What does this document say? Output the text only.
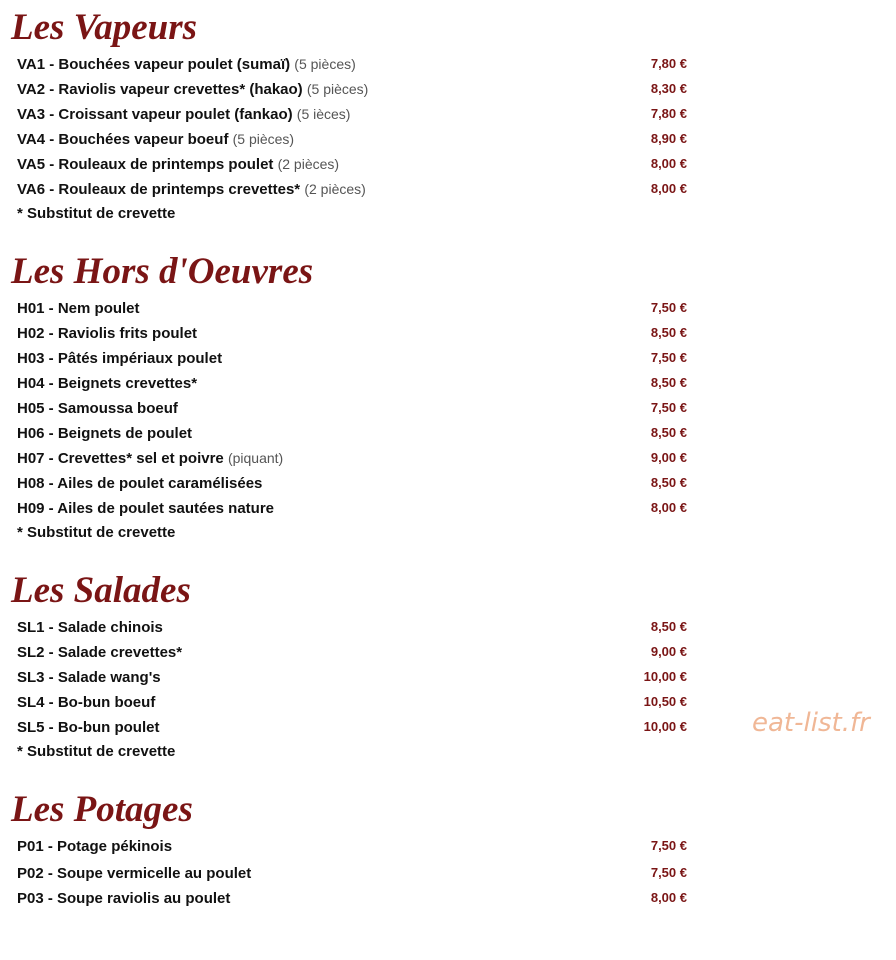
Les Vapeurs
VA1 - Bouchées vapeur poulet (sumaï) (5 pièces)	7,80 €
VA2 - Raviolis vapeur crevettes* (hakao) (5 pièces)	8,30 €
VA3 - Croissant vapeur poulet (fankao) (5 ièces)	7,80 €
VA4 - Bouchées vapeur boeuf (5 pièces)	8,90 €
VA5 - Rouleaux de printemps poulet (2 pièces)	8,00 €
VA6 - Rouleaux de printemps crevettes* (2 pièces)	8,00 €
* Substitut de crevette
Les Hors d'Oeuvres
H01 - Nem poulet	7,50 €
H02 - Raviolis frits poulet	8,50 €
H03 - Pâtés impériaux poulet	7,50 €
H04 - Beignets crevettes*	8,50 €
H05 - Samoussa boeuf	7,50 €
H06 - Beignets de poulet	8,50 €
H07 - Crevettes* sel et poivre (piquant)	9,00 €
H08 - Ailes de poulet caramélisées	8,50 €
H09 - Ailes de poulet sautées nature	8,00 €
* Substitut de crevette
Les Salades
SL1 - Salade chinois	8,50 €
SL2 - Salade crevettes*	9,00 €
SL3 - Salade wang's	10,00 €
SL4 - Bo-bun boeuf	10,50 €
SL5 - Bo-bun poulet	10,00 €
* Substitut de crevette
Les Potages
P01 - Potage pékinois	7,50 €
P02 - Soupe vermicelle au poulet	7,50 €
P03 - Soupe raviolis au poulet	8,00 €
eat-list.fr
